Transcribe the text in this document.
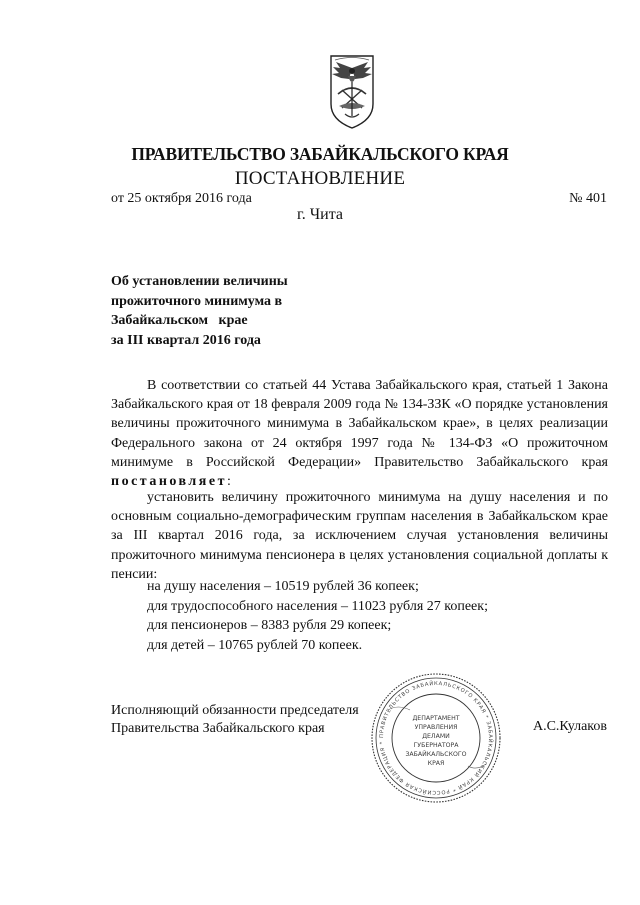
ПРАВИТЕЛЬСТВО ЗАБАЙКАЛЬСКОГО КРАЯ
ПОСТАНОВЛЕНИЕ
от 25 октября 2016 года	№ 401
г. Чита
Об установлении величины
прожиточного минимума в
Забайкальском   крае
за III квартал 2016 года
В соответствии со статьей 44 Устава Забайкальского края, статьей 1 Закона Забайкальского края от 18 февраля 2009 года № 134-ЗЗК «О порядке установления величины прожиточного минимума в Забайкальском крае», в целях реализации Федерального закона от 24 октября 1997 года № 134-ФЗ «О прожиточном минимуме в Российской Федерации» Правительство Забайкальского края постановляет:
установить величину прожиточного минимума на душу населения и по основным социально-демографическим группам населения в Забайкальском крае за III квартал 2016 года, за исключением случая установления величины прожиточного минимума пенсионера в целях установления социальной доплаты к пенсии:
на душу населения – 10519 рублей 36 копеек;
для трудоспособного населения – 11023 рубля 27 копеек;
для пенсионеров – 8383 рубля 29 копеек;
для детей – 10765 рублей 70 копеек.
Исполняющий обязанности председателя
Правительства Забайкальского края	А.С.Кулаков
ПРАВИТЕЛЬСТВО ЗАБАЙКАЛЬСКОГО КРАЯ * ЗАБАЙКАЛЬСКИЙ КРАЙ * РОССИЙСКАЯ ФЕДЕРАЦИЯ *
ДЕПАРТАМЕНТ
УПРАВЛЕНИЯ
ДЕЛАМИ
ГУБЕРНАТОРА
ЗАБАЙКАЛЬСКОГО
КРАЯ
